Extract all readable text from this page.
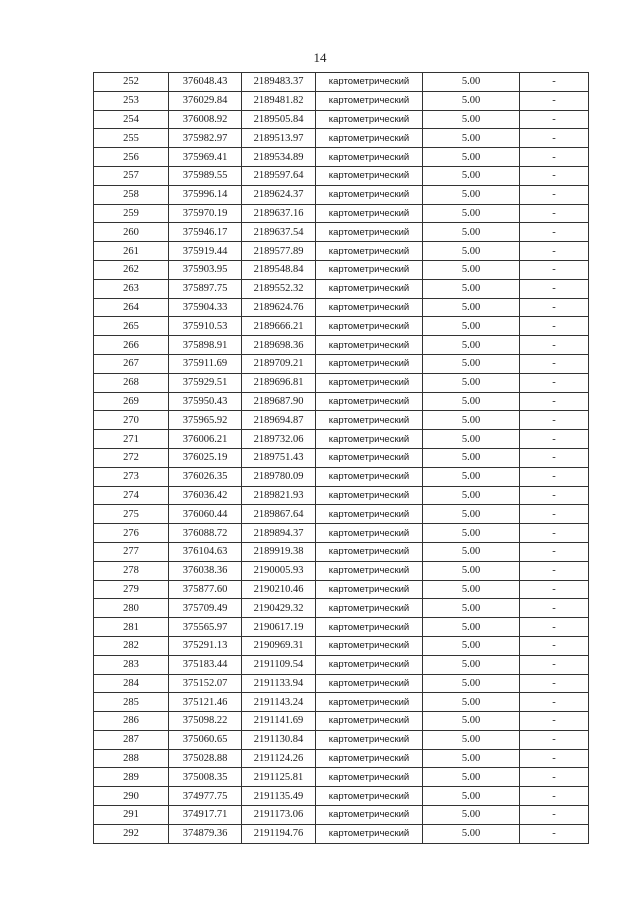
14
252	376048.43	2189483.37	картометрический	5.00	-
253	376029.84	2189481.82	картометрический	5.00	-
254	376008.92	2189505.84	картометрический	5.00	-
255	375982.97	2189513.97	картометрический	5.00	-
256	375969.41	2189534.89	картометрический	5.00	-
257	375989.55	2189597.64	картометрический	5.00	-
258	375996.14	2189624.37	картометрический	5.00	-
259	375970.19	2189637.16	картометрический	5.00	-
260	375946.17	2189637.54	картометрический	5.00	-
261	375919.44	2189577.89	картометрический	5.00	-
262	375903.95	2189548.84	картометрический	5.00	-
263	375897.75	2189552.32	картометрический	5.00	-
264	375904.33	2189624.76	картометрический	5.00	-
265	375910.53	2189666.21	картометрический	5.00	-
266	375898.91	2189698.36	картометрический	5.00	-
267	375911.69	2189709.21	картометрический	5.00	-
268	375929.51	2189696.81	картометрический	5.00	-
269	375950.43	2189687.90	картометрический	5.00	-
270	375965.92	2189694.87	картометрический	5.00	-
271	376006.21	2189732.06	картометрический	5.00	-
272	376025.19	2189751.43	картометрический	5.00	-
273	376026.35	2189780.09	картометрический	5.00	-
274	376036.42	2189821.93	картометрический	5.00	-
275	376060.44	2189867.64	картометрический	5.00	-
276	376088.72	2189894.37	картометрический	5.00	-
277	376104.63	2189919.38	картометрический	5.00	-
278	376038.36	2190005.93	картометрический	5.00	-
279	375877.60	2190210.46	картометрический	5.00	-
280	375709.49	2190429.32	картометрический	5.00	-
281	375565.97	2190617.19	картометрический	5.00	-
282	375291.13	2190969.31	картометрический	5.00	-
283	375183.44	2191109.54	картометрический	5.00	-
284	375152.07	2191133.94	картометрический	5.00	-
285	375121.46	2191143.24	картометрический	5.00	-
286	375098.22	2191141.69	картометрический	5.00	-
287	375060.65	2191130.84	картометрический	5.00	-
288	375028.88	2191124.26	картометрический	5.00	-
289	375008.35	2191125.81	картометрический	5.00	-
290	374977.75	2191135.49	картометрический	5.00	-
291	374917.71	2191173.06	картометрический	5.00	-
292	374879.36	2191194.76	картометрический	5.00	-
